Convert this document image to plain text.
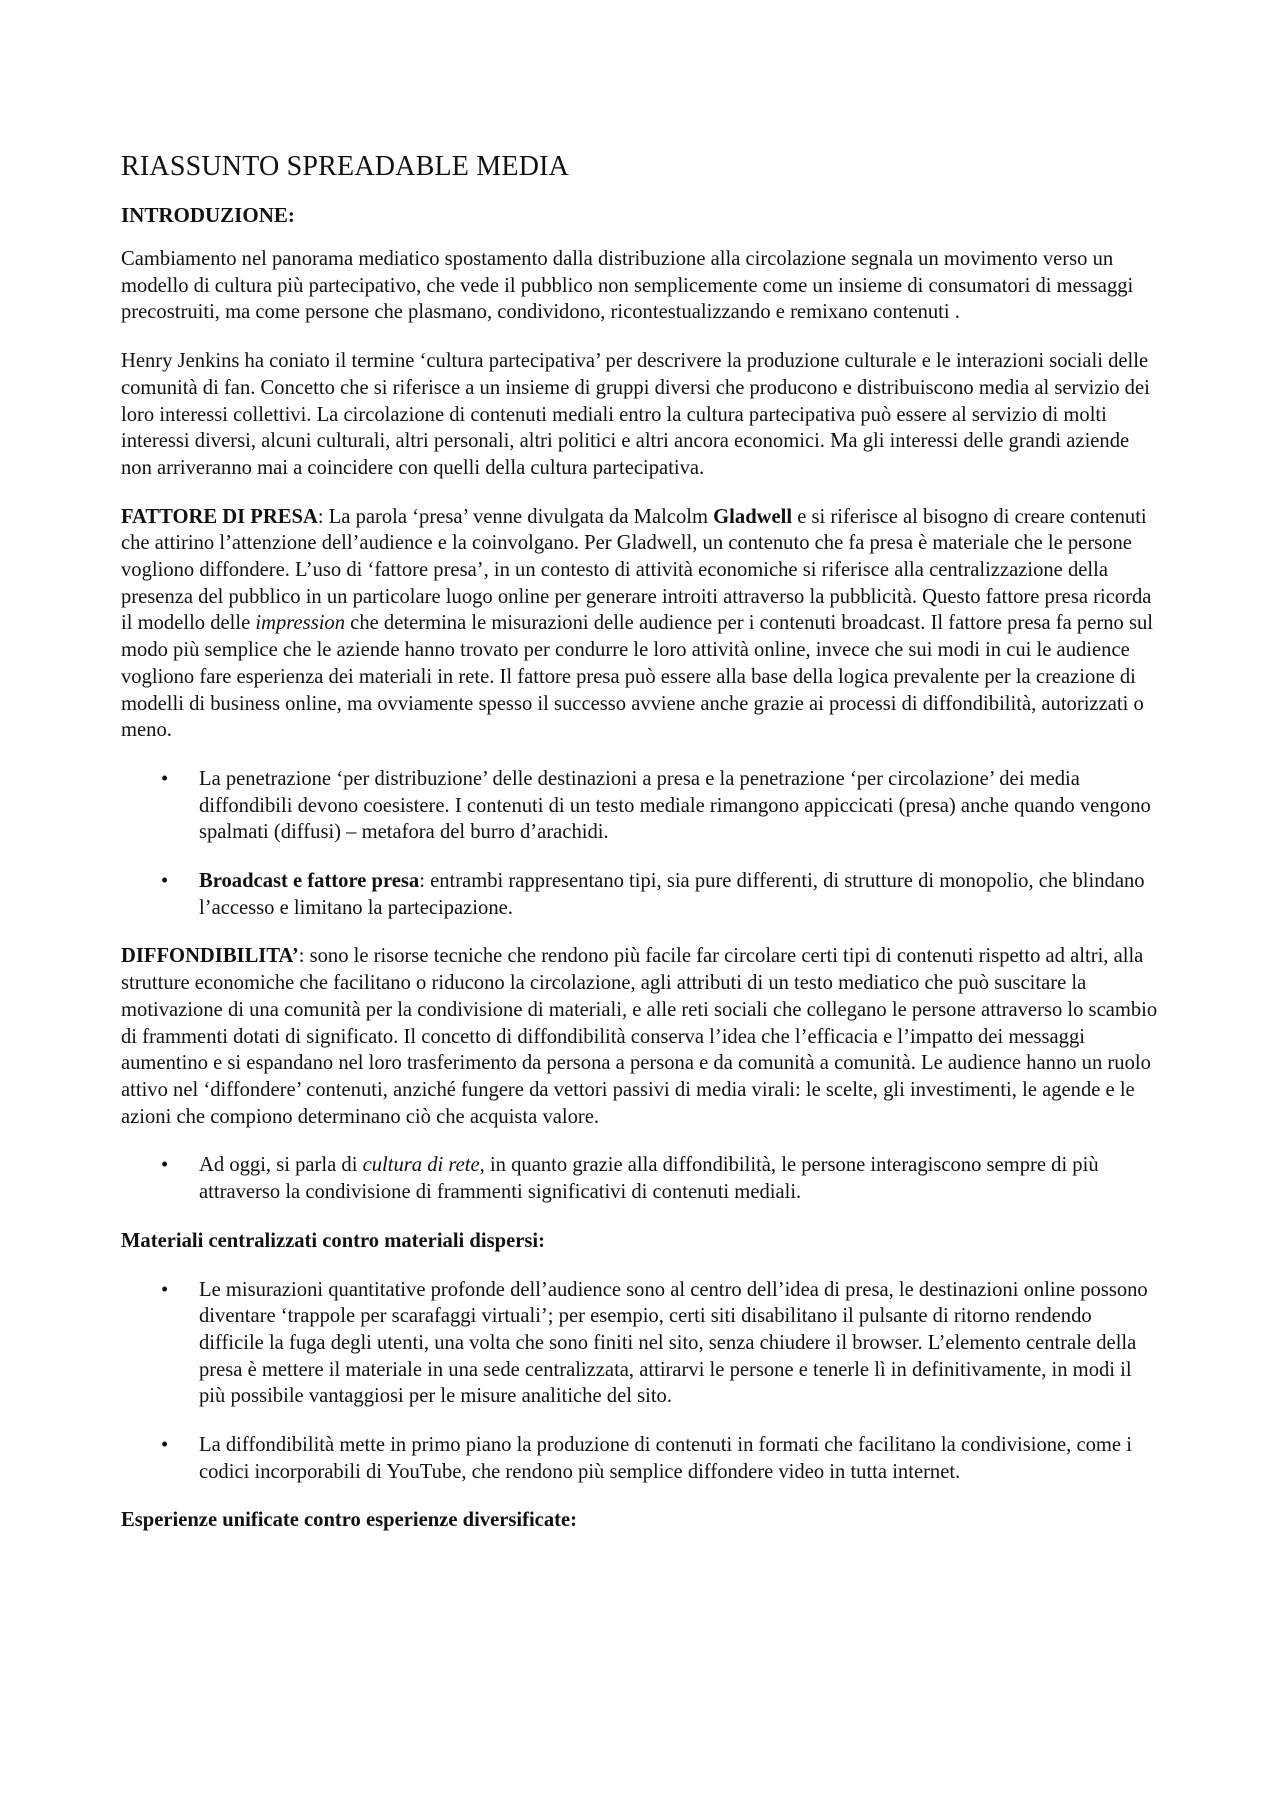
RIASSUNTO SPREADABLE MEDIA
INTRODUZIONE:

Cambiamento nel panorama mediatico spostamento dalla distribuzione alla circolazione segnala un movimento verso un modello di cultura più partecipativo, che vede il pubblico non semplicemente come un insieme di consumatori di messaggi precostruiti, ma come persone che plasmano, condividono, ricontestualizzando e remixano contenuti .

Henry Jenkins ha coniato il termine ‘cultura partecipativa’ per descrivere la produzione culturale e le interazioni sociali delle comunità di fan. Concetto che si riferisce a un insieme di gruppi diversi che producono e distribuiscono media al servizio dei loro interessi collettivi. La circolazione di contenuti mediali entro la cultura partecipativa può essere al servizio di molti interessi diversi, alcuni culturali, altri personali, altri politici e altri ancora economici. Ma gli interessi delle grandi aziende non arriveranno mai a coincidere con quelli della cultura partecipativa.

FATTORE DI PRESA: La parola ‘presa’ venne divulgata da Malcolm Gladwell e si riferisce al bisogno di creare contenuti che attirino l’attenzione dell’audience e la coinvolgano. Per Gladwell, un contenuto che fa presa è materiale che le persone vogliono diffondere. L’uso di ‘fattore presa’, in un contesto di attività economiche si riferisce alla centralizzazione della presenza del pubblico in un particolare luogo online per generare introiti attraverso la pubblicità. Questo fattore presa ricorda il modello delle impression che determina le misurazioni delle audience per i contenuti broadcast. Il fattore presa fa perno sul modo più semplice che le aziende hanno trovato per condurre le loro attività online, invece che sui modi in cui le audience vogliono fare esperienza dei materiali in rete. Il fattore presa può essere alla base della logica prevalente per la creazione di modelli di business online, ma ovviamente spesso il successo avviene anche grazie ai processi di diffondibilità, autorizzati o meno.

• La penetrazione ‘per distribuzione’ delle destinazioni a presa e la penetrazione ‘per circolazione’ dei media diffondibili devono coesistere. I contenuti di un testo mediale rimangono appiccicati (presa) anche quando vengono spalmati (diffusi) – metafora del burro d’arachidi.
• Broadcast e fattore presa: entrambi rappresentano tipi, sia pure differenti, di strutture di monopolio, che blindano l’accesso e limitano la partecipazione.

DIFFONDIBILITA’: sono le risorse tecniche che rendono più facile far circolare certi tipi di contenuti rispetto ad altri, alla strutture economiche che facilitano o riducono la circolazione, agli attributi di un testo mediatico che può suscitare la motivazione di una comunità per la condivisione di materiali, e alle reti sociali che collegano le persone attraverso lo scambio di frammenti dotati di significato. Il concetto di diffondibilità conserva l’idea che l’efficacia e l’impatto dei messaggi aumentino e si espandano nel loro trasferimento da persona a persona e da comunità a comunità. Le audience hanno un ruolo attivo nel ‘diffondere’ contenuti, anziché fungere da vettori passivi di media virali: le scelte, gli investimenti, le agende e le azioni che compiono determinano ciò che acquista valore.

• Ad oggi, si parla di cultura di rete, in quanto grazie alla diffondibilità, le persone interagiscono sempre di più attraverso la condivisione di frammenti significativi di contenuti mediali.
Materiali centralizzati contro materiali dispersi:
• Le misurazioni quantitative profonde dell’audience sono al centro dell’idea di presa, le destinazioni online possono diventare ‘trappole per scarafaggi virtuali’; per esempio, certi siti disabilitano il pulsante di ritorno rendendo difficile la fuga degli utenti, una volta che sono finiti nel sito, senza chiudere il browser. L’elemento centrale della presa è mettere il materiale in una sede centralizzata, attirarvi le persone e tenerle lì in definitivamente, in modi il più possibile vantaggiosi per le misure analitiche del sito.
• La diffondibilità mette in primo piano la produzione di contenuti in formati che facilitano la condivisione, come i codici incorporabili di YouTube, che rendono più semplice diffondere video in tutta internet.
Esperienze unificate contro esperienze diversificate:
